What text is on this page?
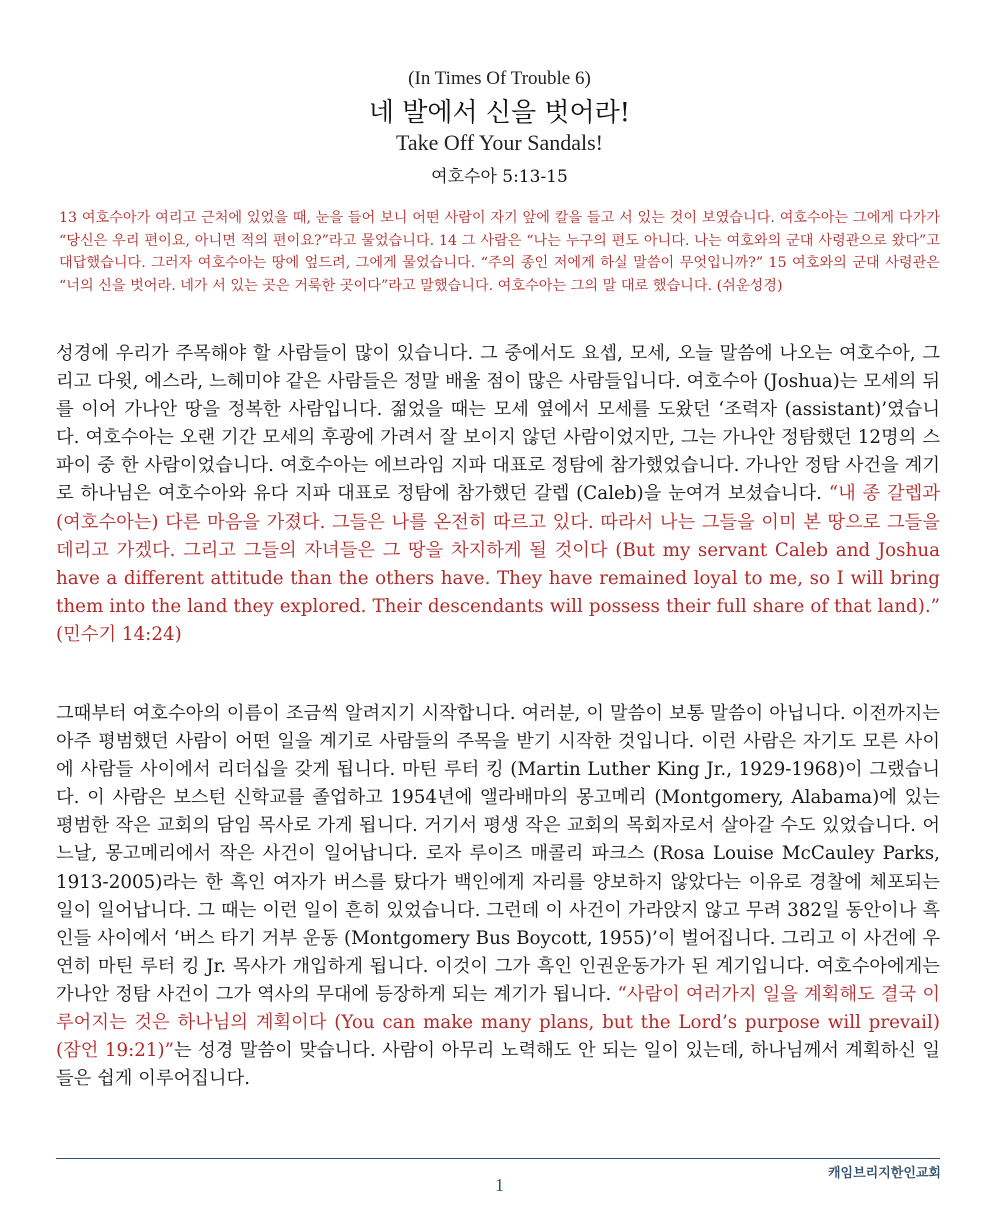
(In Times Of Trouble 6)
네 발에서 신을 벗어라!
Take Off Your Sandals!
여호수아 5:13-15

13 여호수아가 여리고 근처에 있었을 때, 눈을 들어 보니 어떤 사람이 자기 앞에 칼을 들고 서 있는 것이 보였습니다. 여호수아는 그에게 다가가 “당신은 우리 편이요, 아니면 적의 편이요?”라고 물었습니다. 14 그 사람은 “나는 누구의 편도 아니다. 나는 여호와의 군대 사령관으로 왔다”고 대답했습니다. 그러자 여호수아는 땅에 엎드려, 그에게 물었습니다. “주의 종인 저에게 하실 말씀이 무엇입니까?” 15 여호와의 군대 사령관은 “너의 신을 벗어라. 네가 서 있는 곳은 거룩한 곳이다”라고 말했습니다. 여호수아는 그의 말 대로 했습니다. (쉬운성경)

성경에 우리가 주목해야 할 사람들이 많이 있습니다. 그 중에서도 요셉, 모세, 오늘 말씀에 나오는 여호수아, 그리고 다윗, 에스라, 느헤미야 같은 사람들은 정말 배울 점이 많은 사람들입니다. 여호수아 (Joshua)는 모세의 뒤를 이어 가나안 땅을 정복한 사람입니다. 젊었을 때는 모세 옆에서 모세를 도왔던 ‘조력자 (assistant)’였습니다. 여호수아는 오랜 기간 모세의 후광에 가려서 잘 보이지 않던 사람이었지만, 그는 가나안 정탐했던 12명의 스파이 중 한 사람이었습니다. 여호수아는 에브라임 지파 대표로 정탐에 참가했었습니다. 가나안 정탐 사건을 계기로 하나님은 여호수아와 유다 지파 대표로 정탐에 참가했던 갈렙 (Caleb)을 눈여겨 보셨습니다. “내 종 갈렙과 (여호수아는) 다른 마음을 가졌다. 그들은 나를 온전히 따르고 있다. 따라서 나는 그들을 이미 본 땅으로 그들을 데리고 가겠다. 그리고 그들의 자녀들은 그 땅을 차지하게 될 것이다 (But my servant Caleb and Joshua have a different attitude than the others have. They have remained loyal to me, so I will bring them into the land they explored. Their descendants will possess their full share of that land).” (민수기 14:24)

그때부터 여호수아의 이름이 조금씩 알려지기 시작합니다. 여러분, 이 말씀이 보통 말씀이 아닙니다. 이전까지는 아주 평범했던 사람이 어떤 일을 계기로 사람들의 주목을 받기 시작한 것입니다. 이런 사람은 자기도 모른 사이에 사람들 사이에서 리더십을 갖게 됩니다. 마틴 루터 킹 (Martin Luther King Jr., 1929-1968)이 그랬습니다. 이 사람은 보스턴 신학교를 졸업하고 1954년에 앨라배마의 몽고메리 (Montgomery, Alabama)에 있는 평범한 작은 교회의 담임 목사로 가게 됩니다. 거기서 평생 작은 교회의 목회자로서 살아갈 수도 있었습니다. 어느날, 몽고메리에서 작은 사건이 일어납니다. 로자 루이즈 매콜리 파크스 (Rosa Louise McCauley Parks, 1913-2005)라는 한 흑인 여자가 버스를 탔다가 백인에게 자리를 양보하지 않았다는 이유로 경찰에 체포되는 일이 일어납니다. 그 때는 이런 일이 흔히 있었습니다. 그런데 이 사건이 가라앉지 않고 무려 382일 동안이나 흑인들 사이에서 ‘버스 타기 거부 운동 (Montgomery Bus Boycott, 1955)’이 벌어집니다. 그리고 이 사건에 우연히 마틴 루터 킹 Jr. 목사가 개입하게 됩니다. 이것이 그가 흑인 인권운동가가 된 계기입니다. 여호수아에게는 가나안 정탐 사건이 그가 역사의 무대에 등장하게 되는 계기가 됩니다. “사람이 여러가지 일을 계획해도 결국 이루어지는 것은 하나님의 계획이다 (You can make many plans, but the Lord’s purpose will prevail) (잠언 19:21)”는 성경 말씀이 맞습니다. 사람이 아무리 노력해도 안 되는 일이 있는데, 하나님께서 계획하신 일들은 쉽게 이루어집니다.

캐임브리지한인교회
1
